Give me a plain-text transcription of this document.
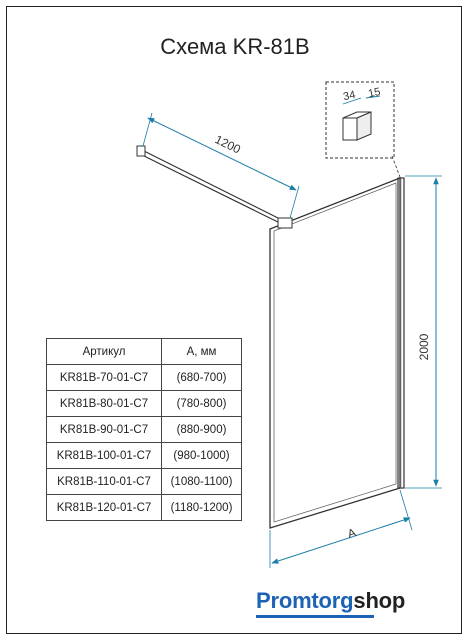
Схема KR-81B
1200
2000
A
34 15
Артикул	А, мм
KR81B-70-01-C7	(680-700)
KR81B-80-01-C7	(780-800)
KR81B-90-01-C7	(880-900)
KR81B-100-01-C7	(980-1000)
KR81B-110-01-C7	(1080-1100)
KR81B-120-01-C7	(1180-1200)
Promtorgshop
